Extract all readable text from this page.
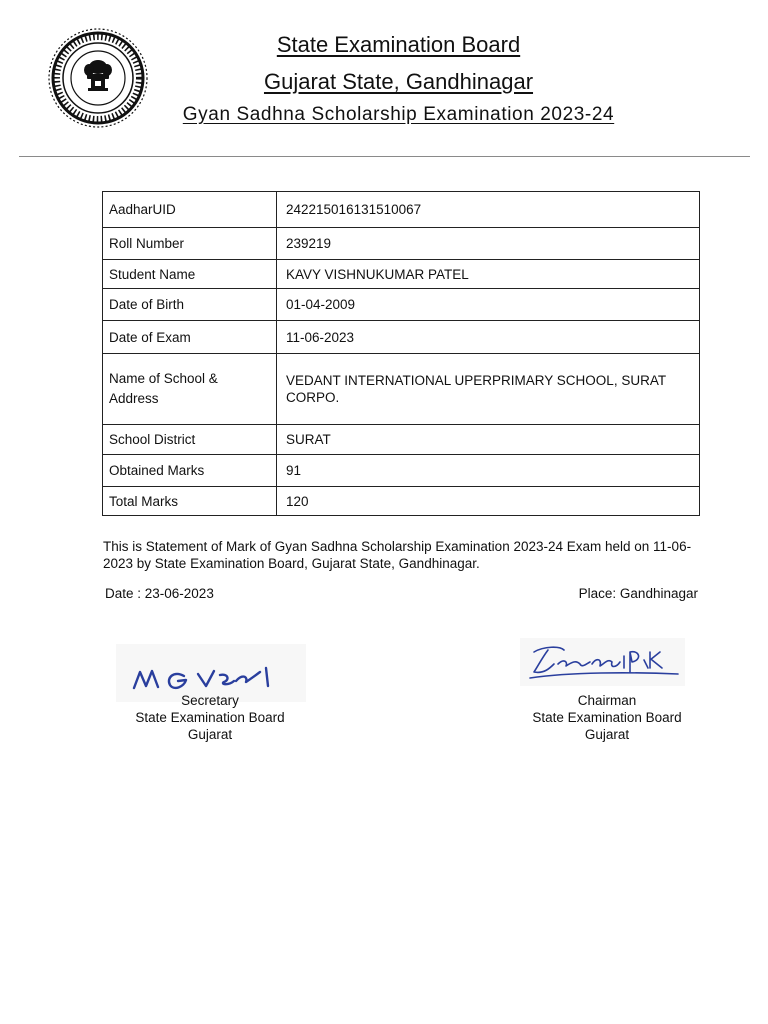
State Examination Board
Gujarat State, Gandhinagar
Gyan Sadhna Scholarship Examination 2023-24
AadharUID	242215016131510067
Roll Number	239219
Student Name	KAVY VISHNUKUMAR PATEL
Date of Birth	01-04-2009
Date of Exam	11-06-2023
Name of School & Address	VEDANT INTERNATIONAL UPERPRIMARY SCHOOL, SURAT CORPO.
School District	SURAT
Obtained Marks	91
Total Marks	120
This is Statement of Mark of Gyan Sadhna Scholarship Examination 2023-24 Exam held on 11-06-2023 by State Examination Board, Gujarat State, Gandhinagar.
Date : 23-06-2023	Place: Gandhinagar
Secretary
State Examination Board
Gujarat
Chairman
State Examination Board
Gujarat
